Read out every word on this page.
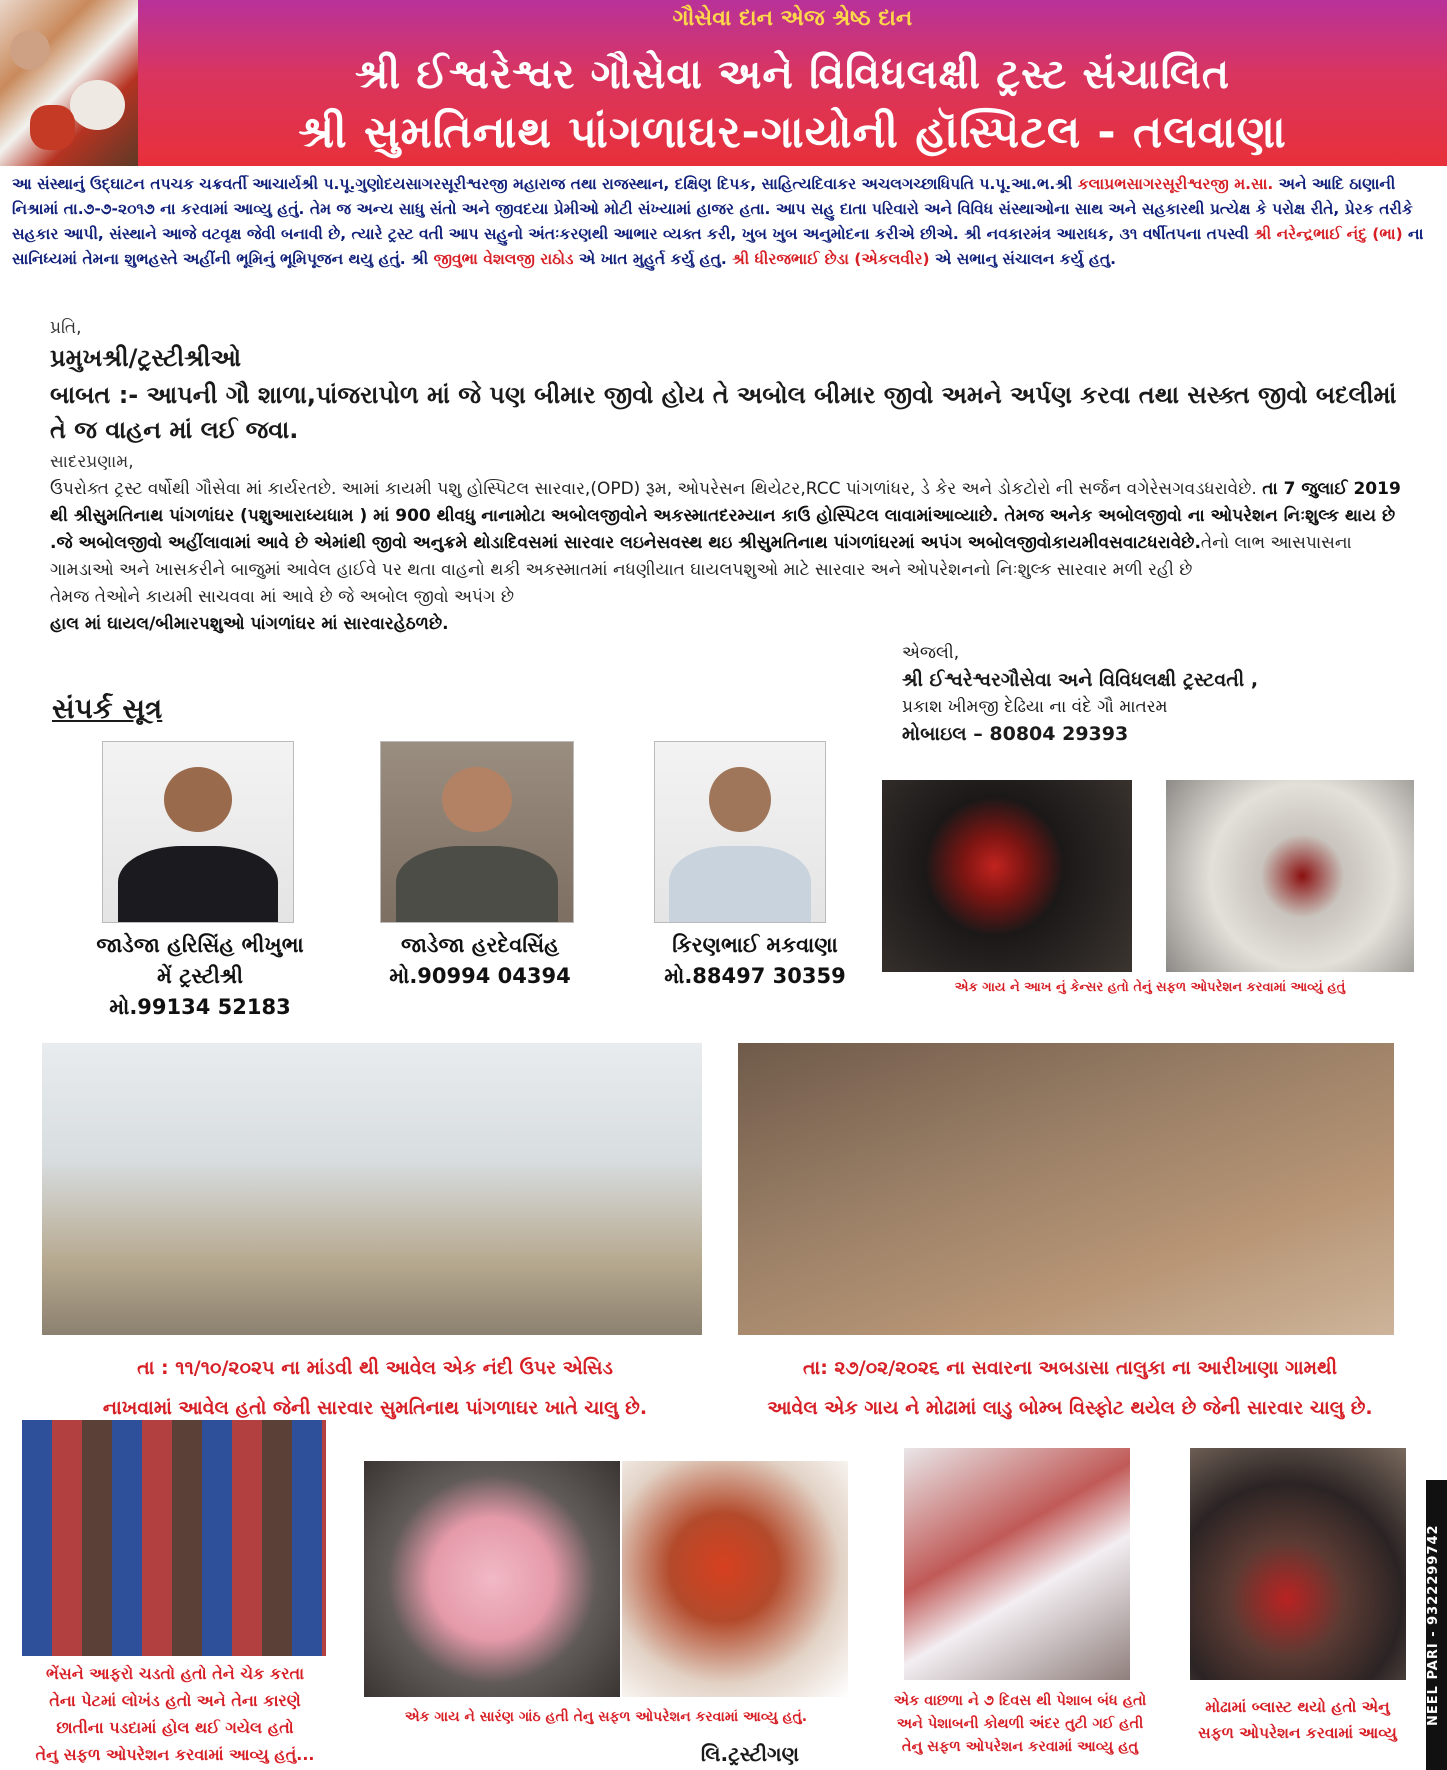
ગૌસેવા દાન એજ શ્રેષ્ઠ દાન
શ્રી ઈશ્વરેશ્વર ગૌસેવા અને વિવિધલક્ષી ટ્રસ્ટ સંચાલિત
શ્રી સુમતિનાથ પાંગળાઘર-ગાયોની હૉસ્પિટલ - તલવાણા
આ સંસ્થાનું ઉદ્ઘાટન તપચક ચક્રવર્તી આચાર્યશ્રી પ.પૂ.ગુણોદયસાગરસૂરીશ્વરજી મહારાજ તથા રાજસ્થાન, દક્ષિણ દિપક, સાહિત્યદિવાકર અચલગચ્છાધિપતિ પ.પૂ.આ.ભ.શ્રી કલાપ્રભસાગરસૂરીશ્વરજી મ.સા. અને આદિ ઠાણાની નિશ્રામાં તા.૭-૭-૨૦૧૭ ના કરવામાં આવ્યુ હતું. તેમ જ અન્ય સાધુ સંતો અને જીવદયા પ્રેમીઓ મોટી સંખ્યામાં હાજર હતા. આપ સહુ દાતા પરિવારો અને વિવિધ સંસ્થાઓના સાથ અને સહકારથી પ્રત્યેક્ષ કે પરોક્ષ રીતે, પ્રેરક તરીકે સહકાર આપી, સંસ્થાને આજે વટવૃક્ષ જેવી બનાવી છે, ત્યારે ટ્રસ્ટ વતી આપ સહુનો અંતઃકરણથી આભાર વ્યક્ત કરી, ખુબ ખુબ અનુમોદના કરીએ છીએ. શ્રી નવકારમંત્ર આરાધક, ૩૧ વર્ષીતપના તપસ્વી શ્રી નરેન્દ્રભાઈ નંદુ (ભા) ના સાનિધ્યમાં તેમના શુભહસ્તે અહીંની ભૂમિનું ભૂમિપૂજન થયુ હતું. શ્રી જીવુભા વેશલજી રાઠોડ એ ખાત મુહુર્ત કર્યુ હતુ. શ્રી ધીરજભાઈ છેડા (એકલવીર) એ સભાનુ સંચાલન કર્યુ હતુ.
પ્રતિ,
પ્રમુખશ્રી/ટ્રસ્ટીશ્રીઓ
બાબત :- આપની ગૌ શાળા,પાંજરાપોળ માં જે પણ બીમાર જીવો હોય તે અબોલ બીમાર જીવો અમને અર્પણ કરવા તથા સસ્ક્ત જીવો બદલીમાં તે જ વાહન માં લઈ જવા.
સાદરપ્રણામ,
ઉપરોક્ત ટ્રસ્ટ વર્ષોથી ગૌસેવા માં કાર્યરતછે. આમાં કાયમી પશુ હોસ્પિટલ સારવાર,(OPD) રૂમ, ઓપરેસન થિયેટર,RCC પાંગળાંધર, ડે કેર અને ડોકટોરો ની સર્જન વગેરેસગવડધરાવેછે. તા 7 જુલાઈ 2019 થી શ્રીસુમતિનાથ પાંગળાંઘર (પશુઆરાધ્યધામ ) માં 900 થીવધુ નાનામોટા અબોલજીવોને અકસ્માતદરમ્યાન કાઉ હોસ્પિટલ લાવામાંઆવ્યાછે. તેમજ અનેક અબોલજીવો ના ઓપરેશન નિઃશુલ્ક થાય છે .જે અબોલજીવો અહીંલાવામાં આવે છે એમાંથી જીવો અનુક્રમે થોડાદિવસમાં સારવાર લઇનેસવસ્થ થઇ શ્રીસુમતિનાથ પાંગળાંઘરમાં અપંગ અબોલજીવોકાયમીવસવાટધરાવેછે.તેનો લાભ આસપાસના ગામડાઓ અને ખાસકરીને બાજુમાં આવેલ હાઈવે પર થતા વાહનો થકી અકસ્માતમાં નધણીયાત ઘાયલપશુઓ માટે સારવાર અને ઓપરેશનનો નિઃશુલ્ક સારવાર મળી રહી છે
તેમજ તેઓને કાયમી સાચવવા માં આવે છે જે અબોલ જીવો અપંગ છે
હાલ માં ઘાયલ/બીમારપશુઓ પાંગળાંઘર માં સારવારહેઠળછે.
એજલી,
શ્રી ઈશ્વરેશ્વરગૌસેવા અને વિવિધલક્ષી ટ્રસ્ટવતી ,
પ્રકાશ ખીમજી દેઢિયા ના વંદે ગૌ માતરમ
મોબાઇલ – 80804 29393
સંપર્ક સૂત્ર
જાડેજા હરિસિંહ ભીખુભા
મેં ટ્રસ્ટીશ્રી
મો.99134 52183
જાડેજા હરદેવસિંહ
મો.90994 04394
કિરણભાઈ મકવાણા
મો.88497 30359	એક ગાય ને આખ નું કેન્સર હતો તેનું સફળ ઓપરેશન કરવામાં આવ્યું હતું
તા : ૧૧/૧૦/૨૦૨૫ ના માંડવી થી આવેલ એક નંદી ઉપર એસિડ
નાખવામાં આવેલ હતો જેની સારવાર સુમતિનાથ પાંગળાઘર ખાતે ચાલુ છે.
તા: ૨૭/૦૨/૨૦૨૬ ના સવારના અબડાસા તાલુકા ના આરીખાણા ગામથી
આવેલ એક ગાય ને મોઢામાં લાડુ બોમ્બ વિસ્ફોટ થયેલ છે જેની સારવાર ચાલુ છે.
ભેંસને આફરો ચડતો હતો તેને ચેક કરતા
તેના પેટમાં લોખંડ હતો અને તેના કારણે
છાતીના પડદામાં હોલ થઈ ગયેલ હતો
તેનુ સફળ ઓપરેશન કરવામાં આવ્યુ હતું...
એક ગાય ને સારંણ ગાંઠ હતી તેનુ સફળ ઓપરેશન કરવામાં આવ્યુ હતું.
એક વાછળા ને ૭ દિવસ થી પેશાબ બંધ હતો
અને પેશાબની કોથળી અંદર તુટી ગઈ હતી
તેનુ સફળ ઓપરેશન કરવામાં આવ્યુ હતુ
મોઢામાં બ્લાસ્ટ થયો હતો એનુ
સફળ ઓપરેશન કરવામાં આવ્યુ
લિ.ટ્રસ્ટીગણ
NEEL PARI - 9322299742
